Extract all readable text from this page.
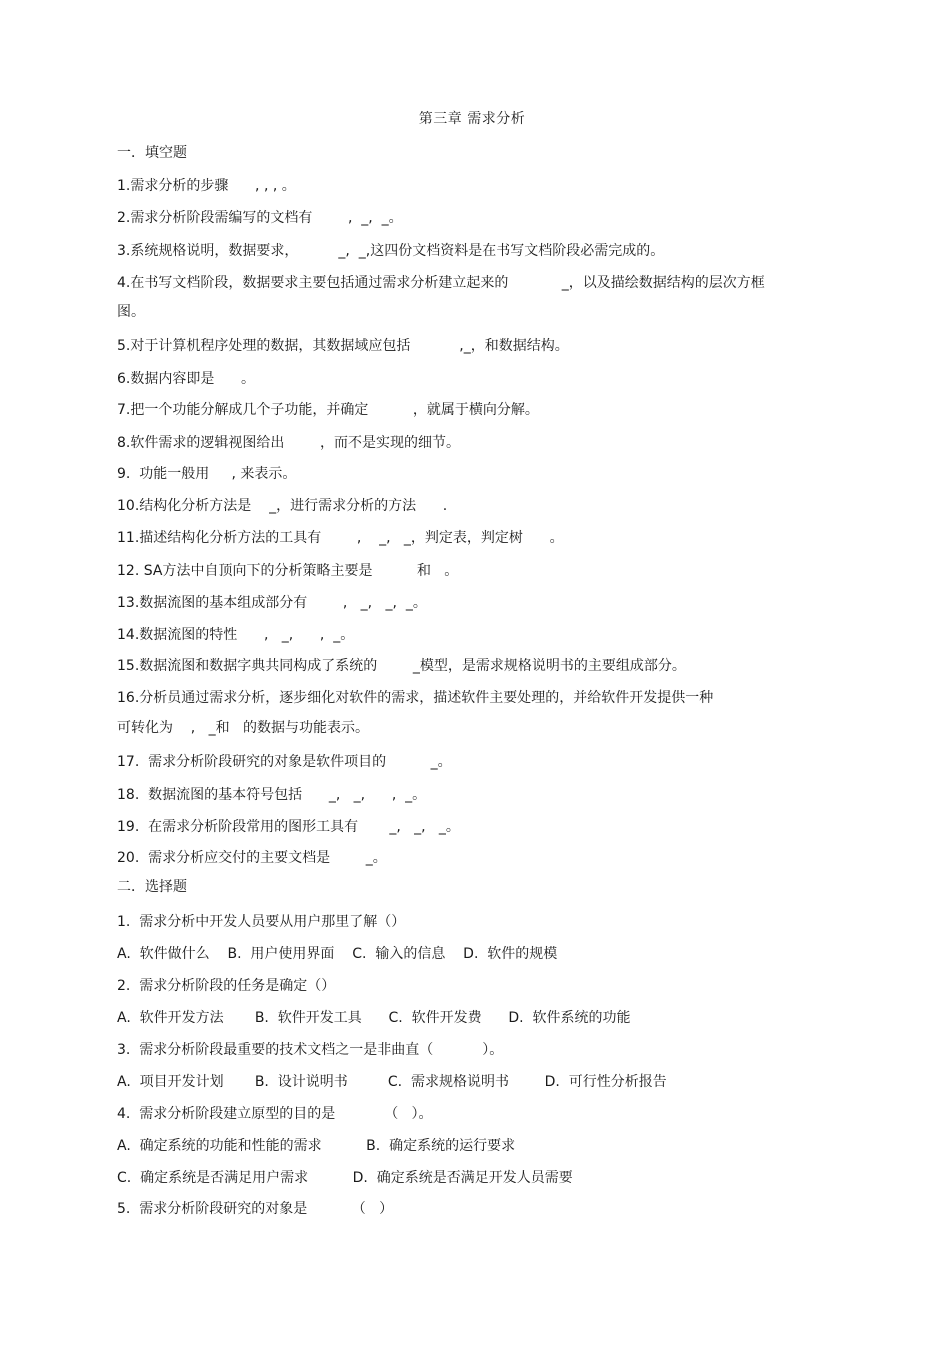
第三章 需求分析
一．填空题
1.需求分析的步骤      , , , 。
2.需求分析阶段需编写的文档有        ,  _,  _。
3.系统规格说明，数据要求，         _,  _,这四份文档资料是在书写文档阶段必需完成的。
4.在书写文档阶段，数据要求主要包括通过需求分析建立起来的            _，以及描绘数据结构的层次方框
图。
5.对于计算机程序处理的数据，其数据域应包括           ,_，和数据结构。
6.数据内容即是      。
7.把一个功能分解成几个子功能，并确定          ，就属于横向分解。
8.软件需求的逻辑视图给出        ，而不是实现的细节。
9.  功能一般用     , 来表示。
10.结构化分析方法是    _，进行需求分析的方法      .
11.描述结构化分析方法的工具有        ,    _,   _，判定表，判定树      。
12. SA方法中自顶向下的分析策略主要是          和   。
13.数据流图的基本组成部分有        ,   _,   _,  _。
14.数据流图的特性      ,   _,      ,  _。
15.数据流图和数据字典共同构成了系统的        _模型，是需求规格说明书的主要组成部分。
16.分析员通过需求分析，逐步细化对软件的需求，描述软件主要处理的，并给软件开发提供一种
可转化为    ,   _和   的数据与功能表示。
17.  需求分析阶段研究的对象是软件项目的          _。
18.  数据流图的基本符号包括      _,   _,      ,  _。
19.  在需求分析阶段常用的图形工具有       _,   _,   _。
20.  需求分析应交付的主要文档是        _。
二．选择题
1.  需求分析中开发人员要从用户那里了解（）
A.  软件做什么    B.  用户使用界面    C.  输入的信息    D.  软件的规模
2.  需求分析阶段的任务是确定（）
A.  软件开发方法       B.  软件开发工具      C.  软件开发费      D.  软件系统的功能
3.  需求分析阶段最重要的技术文档之一是非曲直（           ）。
A.  项目开发计划       B.  设计说明书         C.  需求规格说明书        D.  可行性分析报告
4.  需求分析阶段建立原型的目的是           （   ）。
A.  确定系统的功能和性能的需求          B.  确定系统的运行要求
C.  确定系统是否满足用户需求          D.  确定系统是否满足开发人员需要
5.  需求分析阶段研究的对象是          （   ）
